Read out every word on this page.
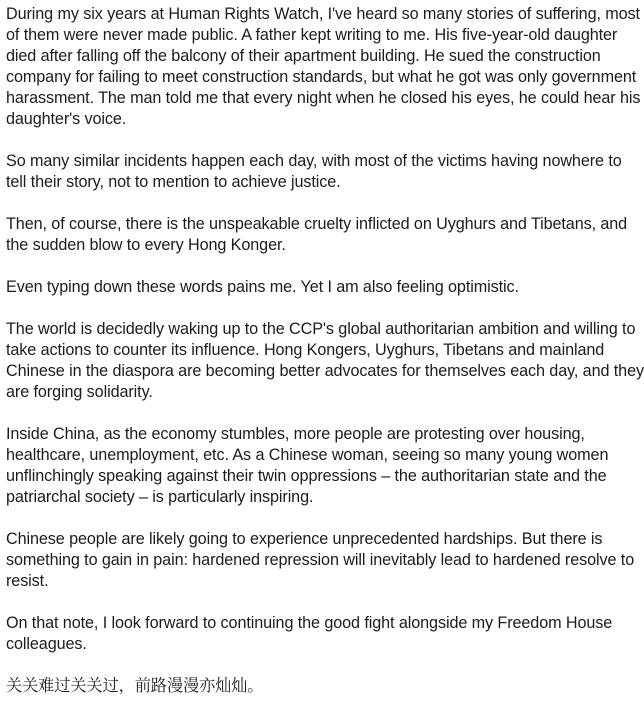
During my six years at Human Rights Watch, I've heard so many stories of suffering, most of them were never made public. A father kept writing to me. His five-year-old daughter died after falling off the balcony of their apartment building. He sued the construction company for failing to meet construction standards, but what he got was only government harassment. The man told me that every night when he closed his eyes, he could hear his daughter's voice.

So many similar incidents happen each day, with most of the victims having nowhere to tell their story, not to mention to achieve justice.

Then, of course, there is the unspeakable cruelty inflicted on Uyghurs and Tibetans, and the sudden blow to every Hong Konger.

Even typing down these words pains me. Yet I am also feeling optimistic.

The world is decidedly waking up to the CCP's global authoritarian ambition and willing to take actions to counter its influence. Hong Kongers, Uyghurs, Tibetans and mainland Chinese in the diaspora are becoming better advocates for themselves each day, and they are forging solidarity.

Inside China, as the economy stumbles, more people are protesting over housing, healthcare, unemployment, etc. As a Chinese woman, seeing so many young women unflinchingly speaking against their twin oppressions – the authoritarian state and the patriarchal society – is particularly inspiring.

Chinese people are likely going to experience unprecedented hardships. But there is something to gain in pain: hardened repression will inevitably lead to hardened resolve to resist.

On that note, I look forward to continuing the good fight alongside my Freedom House colleagues.

关关难过关关过，前路漫漫亦灿灿。
